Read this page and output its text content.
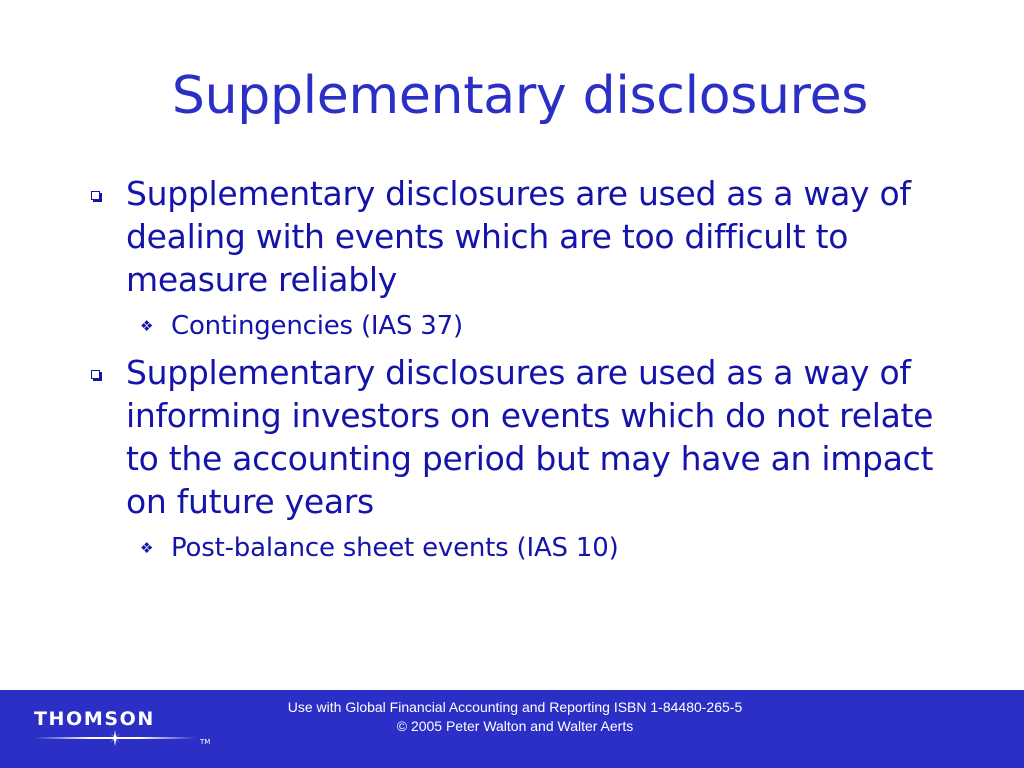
Supplementary disclosures
Supplementary disclosures are used as a way of dealing with events which are too difficult to measure reliably
❖ Contingencies (IAS 37)
Supplementary disclosures are used as a way of informing investors on events which do not relate to the accounting period but may have an impact on future years
❖ Post-balance sheet events (IAS 10)
THOMSON
TM
Use with Global Financial Accounting and Reporting ISBN 1-84480-265-5
© 2005 Peter Walton and Walter Aerts
